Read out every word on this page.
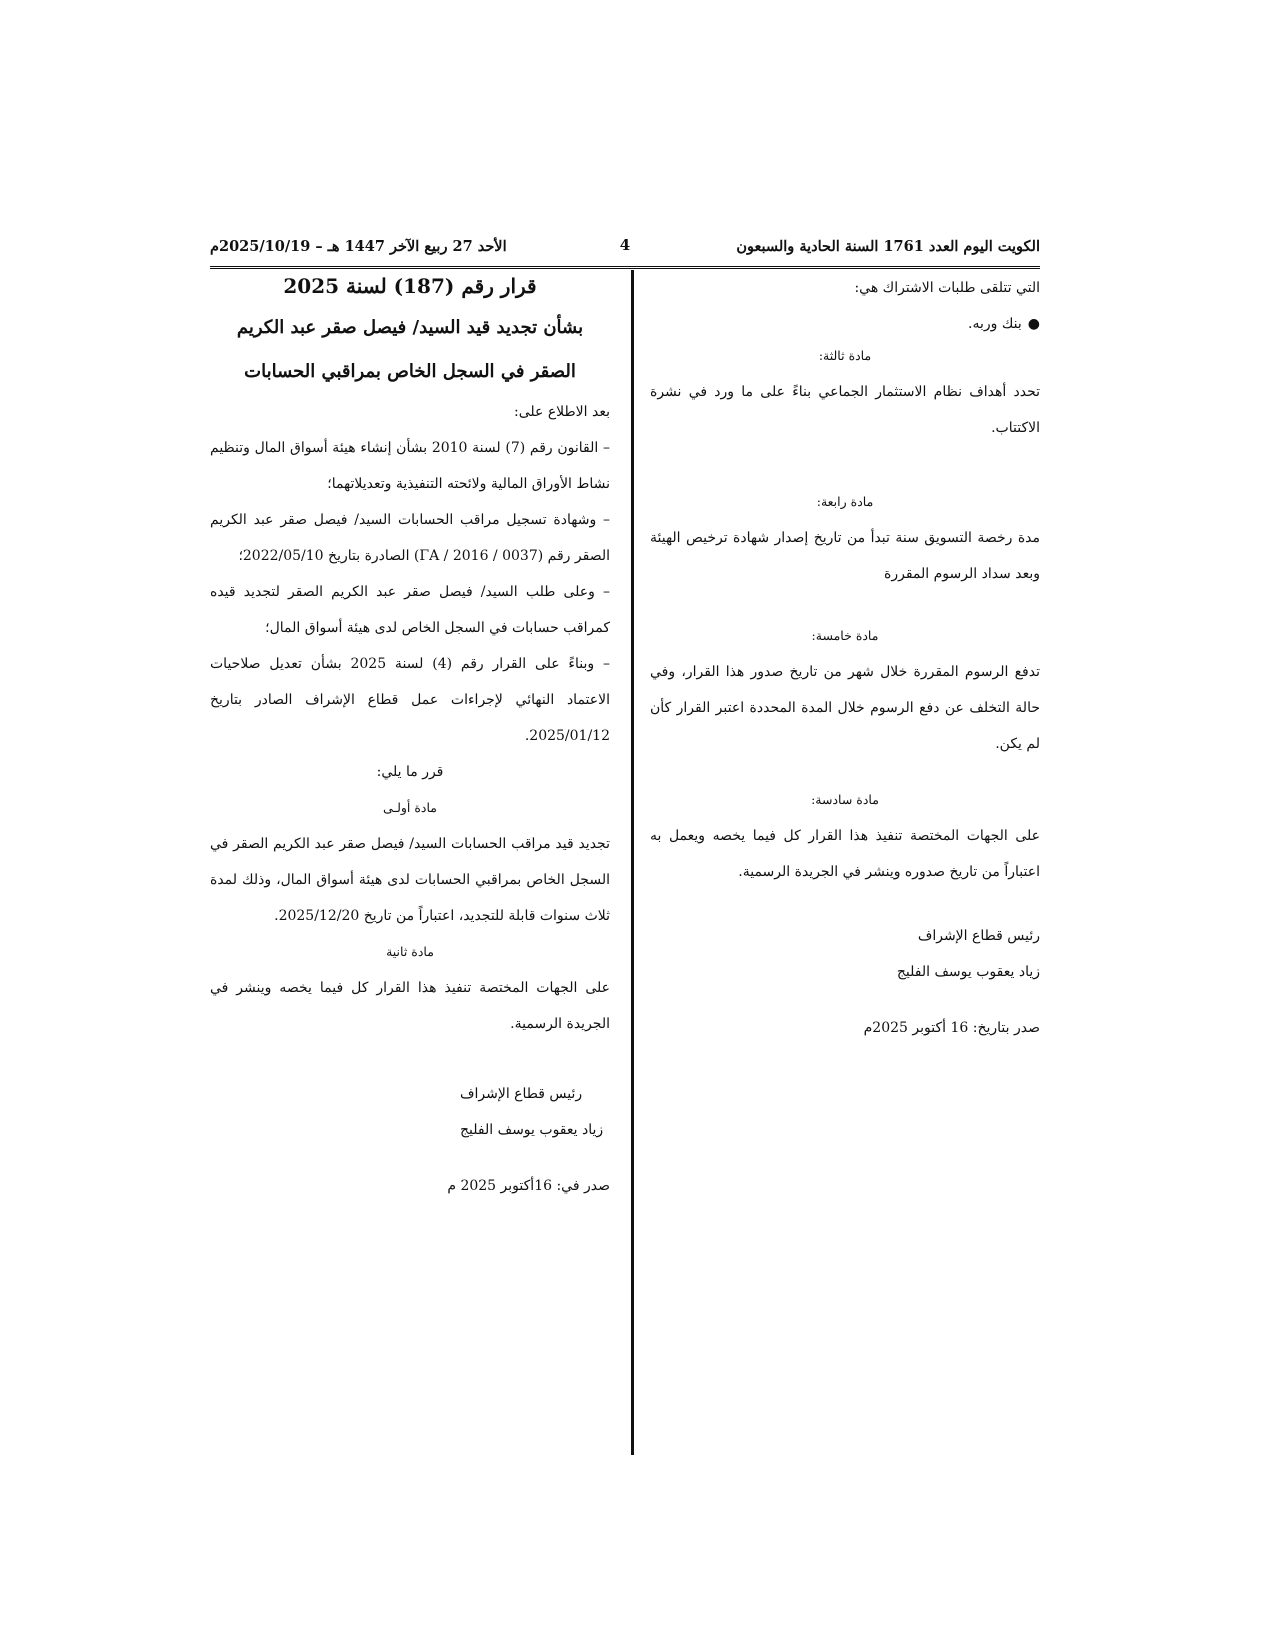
الكويت اليوم العدد 1761 السنة الحادية والسبعون
4
الأحد 27 ربيع الآخر 1447 هـ – 2025/10/19م

التي تتلقى طلبات الاشتراك هي:

●بنك وربه.

مادة ثالثة:

تحدد أهداف نظام الاستثمار الجماعي بناءً على ما ورد في نشرة الاكتتاب.

مادة رابعة:

مدة رخصة التسويق سنة تبدأ من تاريخ إصدار شهادة ترخيص الهيئة وبعد سداد الرسوم المقررة

مادة خامسة:

تدفع الرسوم المقررة خلال شهر من تاريخ صدور هذا القرار، وفي حالة التخلف عن دفع الرسوم خلال المدة المحددة اعتبر القرار كأن لم يكن.

مادة سادسة:

على الجهات المختصة تنفيذ هذا القرار كل فيما يخصه ويعمل به اعتباراً من تاريخ صدوره وينشر في الجريدة الرسمية.

رئيس قطاع الإشراف

زياد يعقوب يوسف الفليج

صدر بتاريخ: 16 أكتوبر 2025م

قرار رقم (187) لسنة 2025

بشأن تجديد قيد السيد/ فيصل صقر عبد الكريم

الصقر في السجل الخاص بمراقبي الحسابات

بعد الاطلاع على:

– القانون رقم (7) لسنة 2010 بشأن إنشاء هيئة أسواق المال وتنظيم نشاط الأوراق المالية ولائحته التنفيذية وتعديلاتهما؛

– وشهادة تسجيل مراقب الحسابات السيد/ فيصل صقر عبد الكريم الصقر رقم (0037 / 2016 / ΓA) الصادرة بتاريخ 2022/05/10؛

– وعلى طلب السيد/ فيصل صقر عبد الكريم الصقر لتجديد قيده كمراقب حسابات في السجل الخاص لدى هيئة أسواق المال؛

– وبناءً على القرار رقم (4) لسنة 2025 بشأن تعديل صلاحيات الاعتماد النهائي لإجراءات عمل قطاع الإشراف الصادر بتاريخ 2025/01/12.

قرر ما يلي:

مادة أولـى

تجديد قيد مراقب الحسابات السيد/ فيصل صقر عبد الكريم الصقر في السجل الخاص بمراقبي الحسابات لدى هيئة أسواق المال، وذلك لمدة ثلاث سنوات قابلة للتجديد، اعتباراً من تاريخ 2025/12/20.

مادة ثانية

على الجهات المختصة تنفيذ هذا القرار كل فيما يخصه وينشر في الجريدة الرسمية.

رئيس قطاع الإشراف

زياد يعقوب يوسف الفليج

صدر في: 16أكتوبر 2025 م
